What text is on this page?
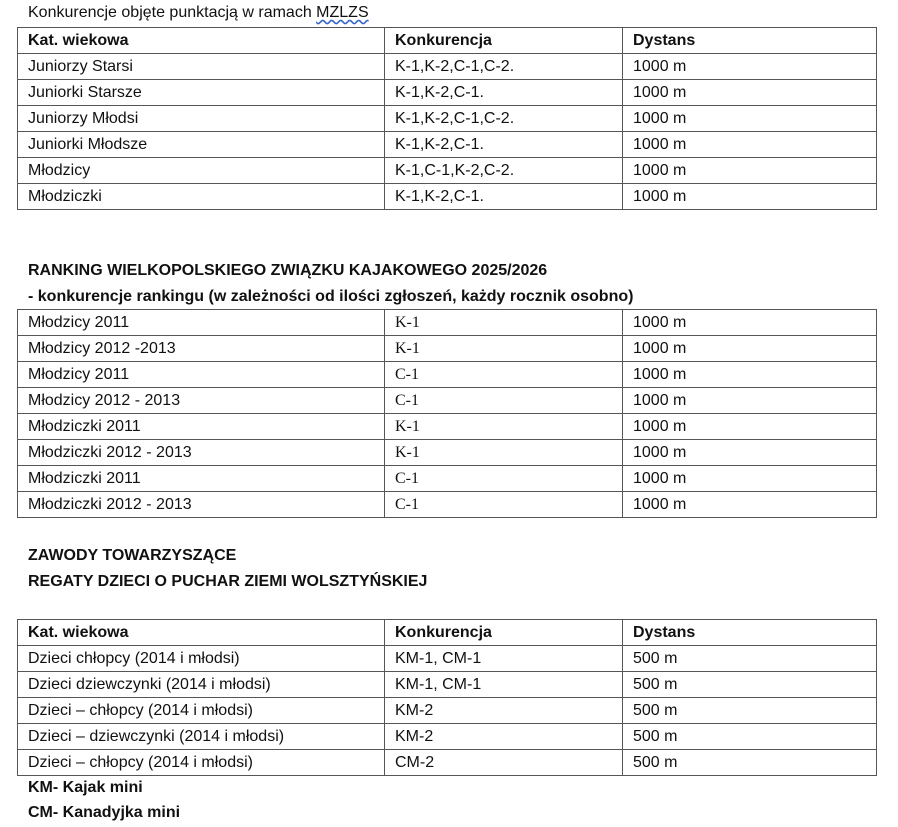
Konkurencje objęte punktacją w ramach MZLZS
Kat. wiekowa	Konkurencja	Dystans
Juniorzy Starsi	K-1,K-2,C-1,C-2.	1000 m
Juniorki Starsze	K-1,K-2,C-1.	1000 m
Juniorzy Młodsi	K-1,K-2,C-1,C-2.	1000 m
Juniorki Młodsze	K-1,K-2,C-1.	1000 m
Młodzicy	K-1,C-1,K-2,C-2.	1000 m
Młodziczki	K-1,K-2,C-1.	1000 m
RANKING WIELKOPOLSKIEGO ZWIĄZKU KAJAKOWEGO 2025/2026
- konkurencje rankingu (w zależności od ilości zgłoszeń, każdy rocznik osobno)
Młodzicy 2011	K-1	1000 m
Młodzicy 2012 -2013	K-1	1000 m
Młodzicy 2011	C-1	1000 m
Młodzicy 2012 - 2013	C-1	1000 m
Młodziczki 2011	K-1	1000 m
Młodziczki 2012 - 2013	K-1	1000 m
Młodziczki 2011	C-1	1000 m
Młodziczki 2012 - 2013	C-1	1000 m
ZAWODY TOWARZYSZĄCE
REGATY DZIECI O PUCHAR ZIEMI WOLSZTYŃSKIEJ
Kat. wiekowa	Konkurencja	Dystans
Dzieci chłopcy (2014 i młodsi)	KM-1, CM-1	500 m
Dzieci dziewczynki (2014 i młodsi)	KM-1, CM-1	500 m
Dzieci – chłopcy (2014 i młodsi)	KM-2	500 m
Dzieci – dziewczynki (2014 i młodsi)	KM-2	500 m
Dzieci – chłopcy (2014 i młodsi)	CM-2	500 m
KM- Kajak mini
CM- Kanadyjka mini
